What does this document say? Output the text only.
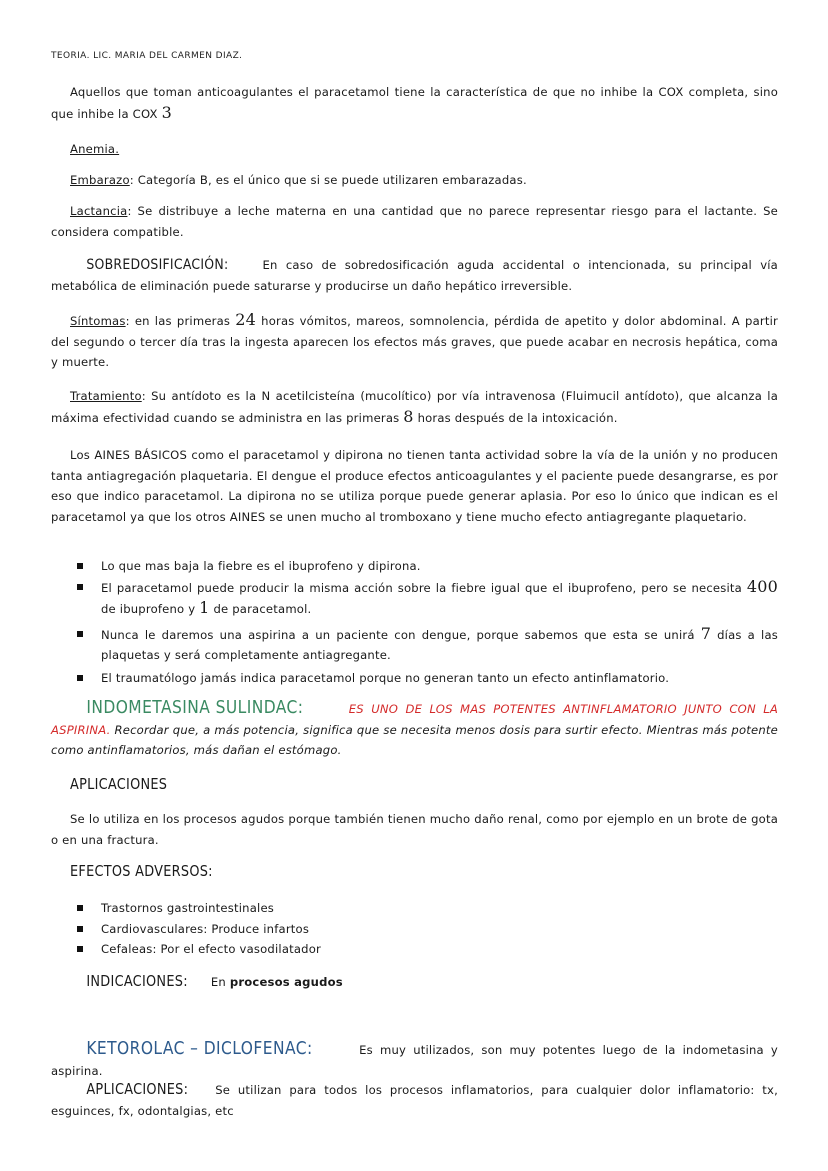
TEORIA. LIC. MARIA DEL CARMEN DIAZ.
Aquellos que toman anticoagulantes el paracetamol tiene la característica de que no inhibe la COX completa, sino que inhibe la COX 3
Anemia.
Embarazo: Categoría B, es el único que si se puede utilizaren embarazadas.
Lactancia: Se distribuye a leche materna en una cantidad que no parece representar riesgo para el lactante. Se considera compatible.
SOBREDOSIFICACIÓN: En caso de sobredosificación aguda accidental o intencionada, su principal vía metabólica de eliminación puede saturarse y producirse un daño hepático irreversible.
Síntomas: en las primeras 24 horas vómitos, mareos, somnolencia, pérdida de apetito y dolor abdominal. A partir del segundo o tercer día tras la ingesta aparecen los efectos más graves, que puede acabar en necrosis hepática, coma y muerte.
Tratamiento: Su antídoto es la N acetilcisteína (mucolítico) por vía intravenosa (Fluimucil antídoto), que alcanza la máxima efectividad cuando se administra en las primeras 8 horas después de la intoxicación.
Los AINES BÁSICOS como el paracetamol y dipirona no tienen tanta actividad sobre la vía de la unión y no producen tanta antiagregación plaquetaria. El dengue el produce efectos anticoagulantes y el paciente puede desangrarse, es por eso que indico paracetamol. La dipirona no se utiliza porque puede generar aplasia. Por eso lo único que indican es el paracetamol ya que los otros AINES se unen mucho al tromboxano y tiene mucho efecto antiagregante plaquetario.
Lo que mas baja la fiebre es el ibuprofeno y dipirona.
El paracetamol puede producir la misma acción sobre la fiebre igual que el ibuprofeno, pero se necesita 400 de ibuprofeno y 1 de paracetamol.
Nunca le daremos una aspirina a un paciente con dengue, porque sabemos que esta se unirá 7 días a las plaquetas y será completamente antiagregante.
El traumatólogo jamás indica paracetamol porque no generan tanto un efecto antinflamatorio.
INDOMETASINA SULINDAC:	ES UNO DE LOS MAS POTENTES ANTINFLAMATORIO JUNTO CON LA ASPIRINA. Recordar que, a más potencia, significa que se necesita menos dosis para surtir efecto. Mientras más potente como antinflamatorios, más dañan el estómago.
APLICACIONES
Se lo utiliza en los procesos agudos porque también tienen mucho daño renal, como por ejemplo en un brote de gota o en una fractura.
EFECTOS ADVERSOS:
Trastornos gastrointestinales
Cardiovasculares: Produce infartos
Cefaleas: Por el efecto vasodilatador
INDICACIONES: En procesos agudos
KETOROLAC – DICLOFENAC:	Es muy utilizados, son muy potentes luego de la indometasina y aspirina.
APLICACIONES: Se utilizan para todos los procesos inflamatorios, para cualquier dolor inflamatorio: tx, esguinces, fx, odontalgias, etc
